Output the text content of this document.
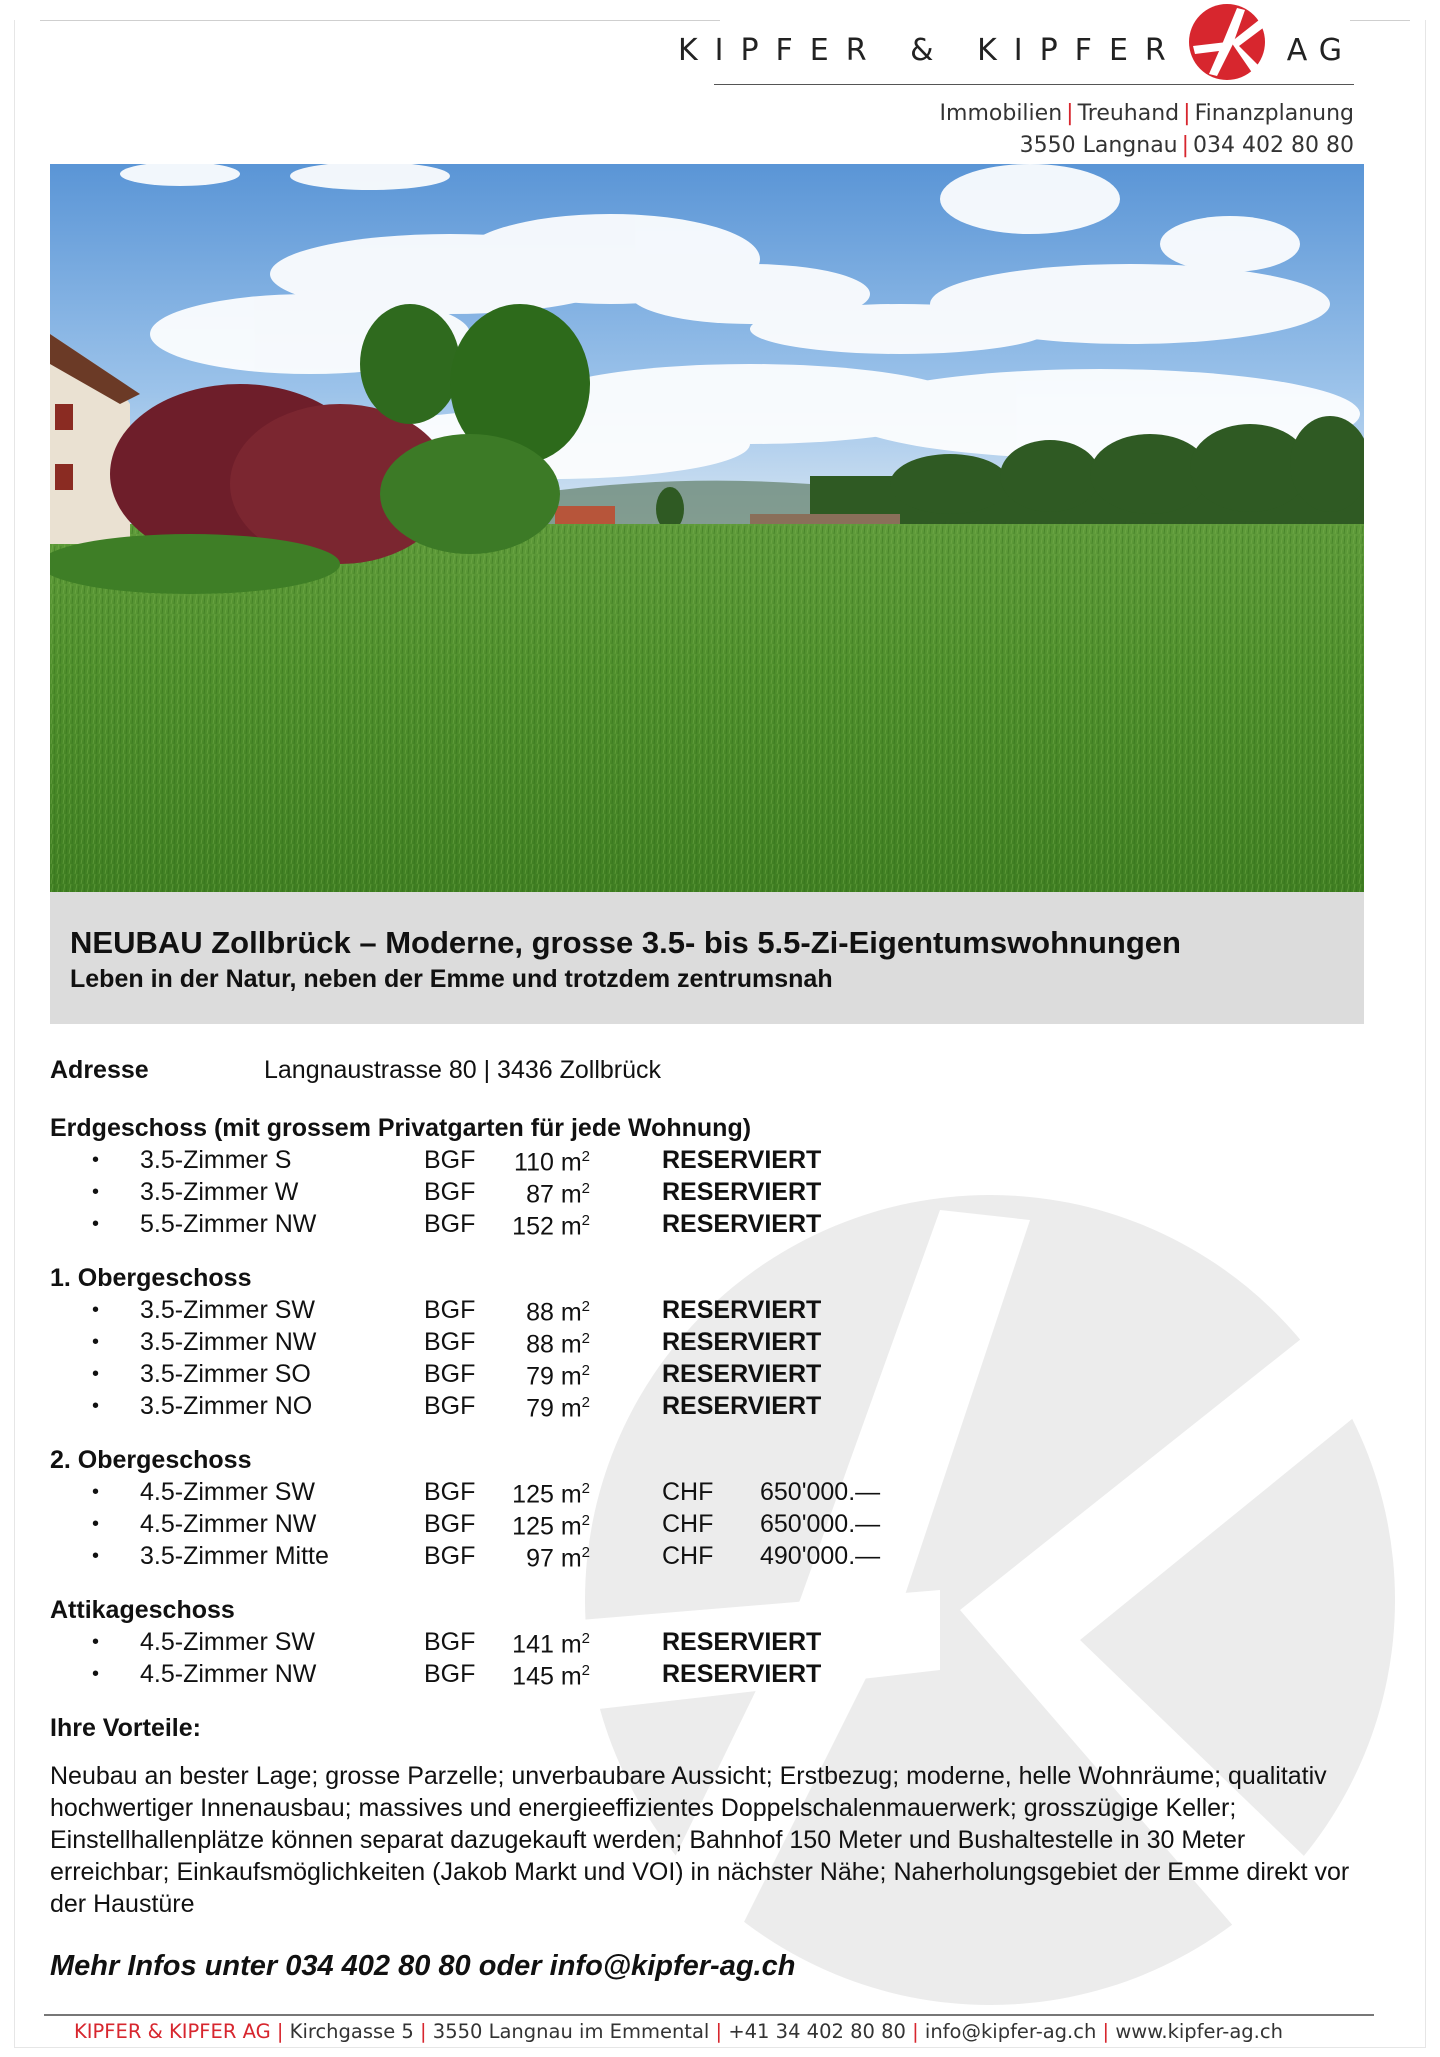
KIPFER & KIPFER	AG
Immobilien | Treuhand | Finanzplanung
3550 Langnau | 034 402 80 80
NEUBAU Zollbrück – Moderne, grosse 3.5- bis 5.5-Zi-Eigentumswohnungen
Leben in der Natur, neben der Emme und trotzdem zentrumsnah
Adresse	Langnaustrasse 80 | 3436 Zollbrück
Erdgeschoss (mit grossem Privatgarten für jede Wohnung)
•	3.5-Zimmer S	BGF	110 $m^2$	RESERVIERT
•	3.5-Zimmer W	BGF	87 $m^2$	RESERVIERT
•	5.5-Zimmer NW	BGF	152 $m^2$	RESERVIERT
1. Obergeschoss
•	3.5-Zimmer SW	BGF	88 $m^2$	RESERVIERT
•	3.5-Zimmer NW	BGF	88 $m^2$	RESERVIERT
•	3.5-Zimmer SO	BGF	79 $m^2$	RESERVIERT
•	3.5-Zimmer NO	BGF	79 $m^2$	RESERVIERT
2. Obergeschoss
•	4.5-Zimmer SW	BGF	125 $m^2$	CHF	650'000.—
•	4.5-Zimmer NW	BGF	125 $m^2$	CHF	650'000.—
•	3.5-Zimmer Mitte	BGF	97 $m^2$	CHF	490'000.—
Attikageschoss
•	4.5-Zimmer SW	BGF	141 $m^2$	RESERVIERT
•	4.5-Zimmer NW	BGF	145 $m^2$	RESERVIERT
Ihre Vorteile:
Neubau an bester Lage; grosse Parzelle; unverbaubare Aussicht; Erstbezug; moderne, helle Wohnräume; qualitativ hochwertiger Innenausbau; massives und energieeffizientes Doppelschalenmauerwerk; grosszügige Keller; Einstellhallenplätze können separat dazugekauft werden; Bahnhof 150 Meter und Bushaltestelle in 30 Meter erreichbar; Einkaufsmöglichkeiten (Jakob Markt und VOI) in nächster Nähe; Naherholungsgebiet der Emme direkt vor der Haustüre
Mehr Infos unter 034 402 80 80 oder info@kipfer-ag.ch
KIPFER & KIPFER AG | Kirchgasse 5 | 3550 Langnau im Emmental | +41 34 402 80 80 | info@kipfer-ag.ch | www.kipfer-ag.ch
